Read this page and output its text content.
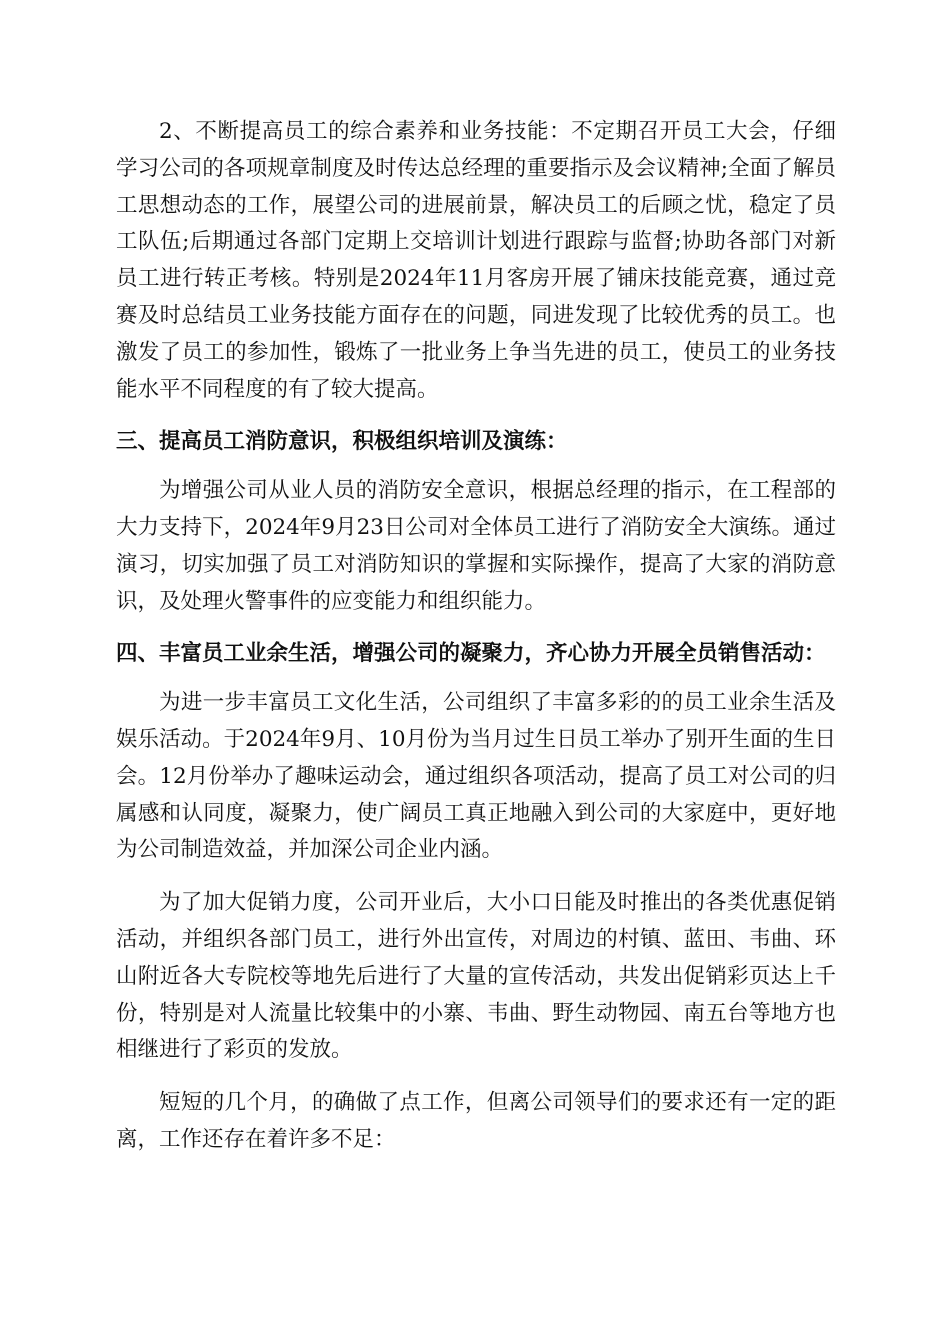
2、不断提高员工的综合素养和业务技能：不定期召开员工大会，仔细学习公司的各项规章制度及时传达总经理的重要指示及会议精神;全面了解员工思想动态的工作，展望公司的进展前景，解决员工的后顾之忧，稳定了员工队伍;后期通过各部门定期上交培训计划进行跟踪与监督;协助各部门对新员工进行转正考核。特别是2024年11月客房开展了铺床技能竞赛，通过竞赛及时总结员工业务技能方面存在的问题，同进发现了比较优秀的员工。也激发了员工的参加性，锻炼了一批业务上争当先进的员工，使员工的业务技能水平不同程度的有了较大提高。

三、提高员工消防意识，积极组织培训及演练：

为增强公司从业人员的消防安全意识，根据总经理的指示，在工程部的大力支持下，2024年9月23日公司对全体员工进行了消防安全大演练。通过演习，切实加强了员工对消防知识的掌握和实际操作，提高了大家的消防意识，及处理火警事件的应变能力和组织能力。

四、丰富员工业余生活，增强公司的凝聚力，齐心协力开展全员销售活动：

为进一步丰富员工文化生活，公司组织了丰富多彩的的员工业余生活及娱乐活动。于2024年9月、10月份为当月过生日员工举办了别开生面的生日会。12月份举办了趣味运动会，通过组织各项活动，提高了员工对公司的归属感和认同度，凝聚力，使广阔员工真正地融入到公司的大家庭中，更好地为公司制造效益，并加深公司企业内涵。

为了加大促销力度，公司开业后，大小口日能及时推出的各类优惠促销活动，并组织各部门员工，进行外出宣传，对周边的村镇、蓝田、韦曲、环山附近各大专院校等地先后进行了大量的宣传活动，共发出促销彩页达上千份，特别是对人流量比较集中的小寨、韦曲、野生动物园、南五台等地方也相继进行了彩页的发放。

短短的几个月，的确做了点工作，但离公司领导们的要求还有一定的距离，工作还存在着许多不足：
